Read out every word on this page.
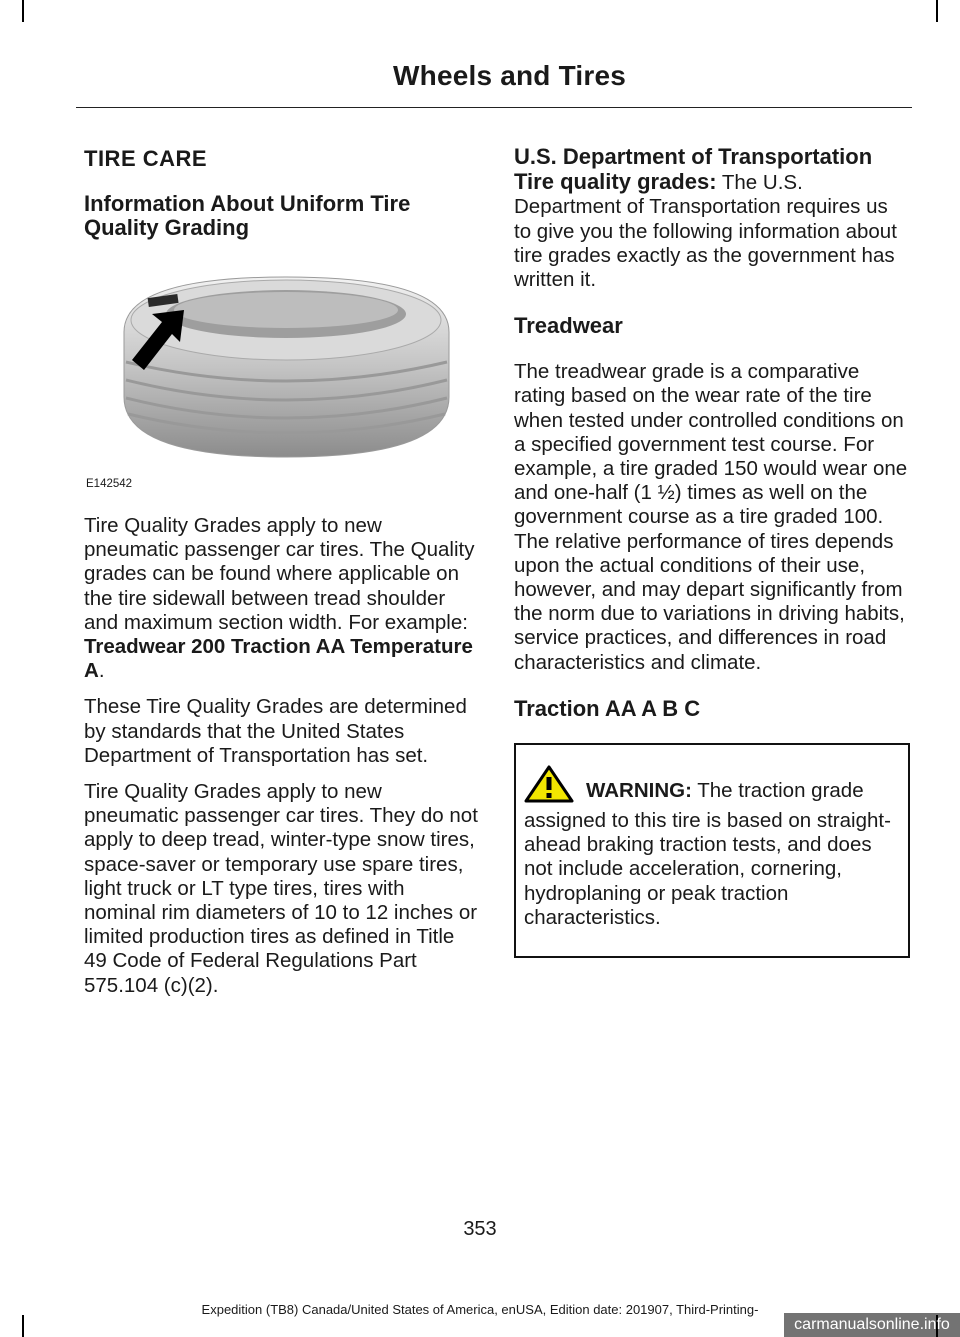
Wheels and Tires
TIRE CARE
Information About Uniform Tire Quality Grading
E142542

Tire Quality Grades apply to new pneumatic passenger car tires. The Quality grades can be found where applicable on the tire sidewall between tread shoulder and maximum section width. For example: Treadwear 200 Traction AA Temperature A.

These Tire Quality Grades are determined by standards that the United States Department of Transportation has set.

Tire Quality Grades apply to new pneumatic passenger car tires. They do not apply to deep tread, winter-type snow tires, space-saver or temporary use spare tires, light truck or LT type tires, tires with nominal rim diameters of 10 to 12 inches or limited production tires as defined in Title 49 Code of Federal Regulations Part 575.104 (c)(2).

U.S. Department of Transportation Tire quality grades: The U.S. Department of Transportation requires us to give you the following information about tire grades exactly as the government has written it.

Treadwear

The treadwear grade is a comparative rating based on the wear rate of the tire when tested under controlled conditions on a specified government test course. For example, a tire graded 150 would wear one and one-half (1 ½) times as well on the government course as a tire graded 100. The relative performance of tires depends upon the actual conditions of their use, however, and may depart significantly from the norm due to variations in driving habits, service practices, and differences in road characteristics and climate.

Traction AA A B C

WARNING: The traction grade assigned to this tire is based on straight-ahead braking traction tests, and does not include acceleration, cornering, hydroplaning or peak traction characteristics.

353
Expedition (TB8) Canada/United States of America, enUSA, Edition date: 201907, Third-Printing-
carmanualsonline.info
